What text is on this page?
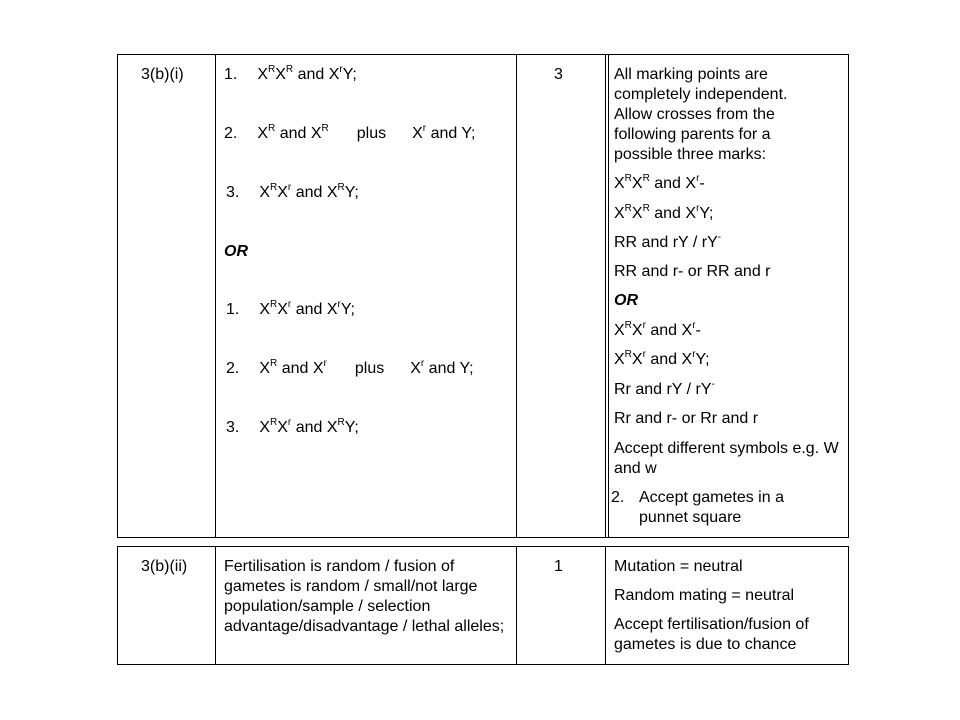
3(b)(i)	3
1. $X^RX^R$ and $X^rY$;
2. $X^R$ and $X^R$ plus $X^r$ and Y;
3. $X^RX^r$ and $X^RY$;
OR
1. $X^RX^r$ and $X^rY$;
2. $X^R$ and $X^r$ plus $X^r$ and Y;
3. $X^RX^r$ and $X^RY$;
All marking points are completely independent. Allow crosses from the following parents for a possible three marks:
$X^RX^R$ and $X^r-$
$X^RX^R$ and $X^rY$;
RR and rY / rY-
RR and r- or RR and r
OR
$X^RX^r$ and $X^r-$
$X^RX^r$ and $X^rY$;
Rr and rY / rY-
Rr and r- or Rr and r
Accept different symbols e.g. W and w
2. Accept gametes in a punnet square
3(b)(ii) Fertilisation is random / fusion of gametes is random / small/not large population/sample / selection advantage/disadvantage / lethal alleles;
1	Mutation = neutral
Random mating = neutral
Accept fertilisation/fusion of gametes is due to chance
